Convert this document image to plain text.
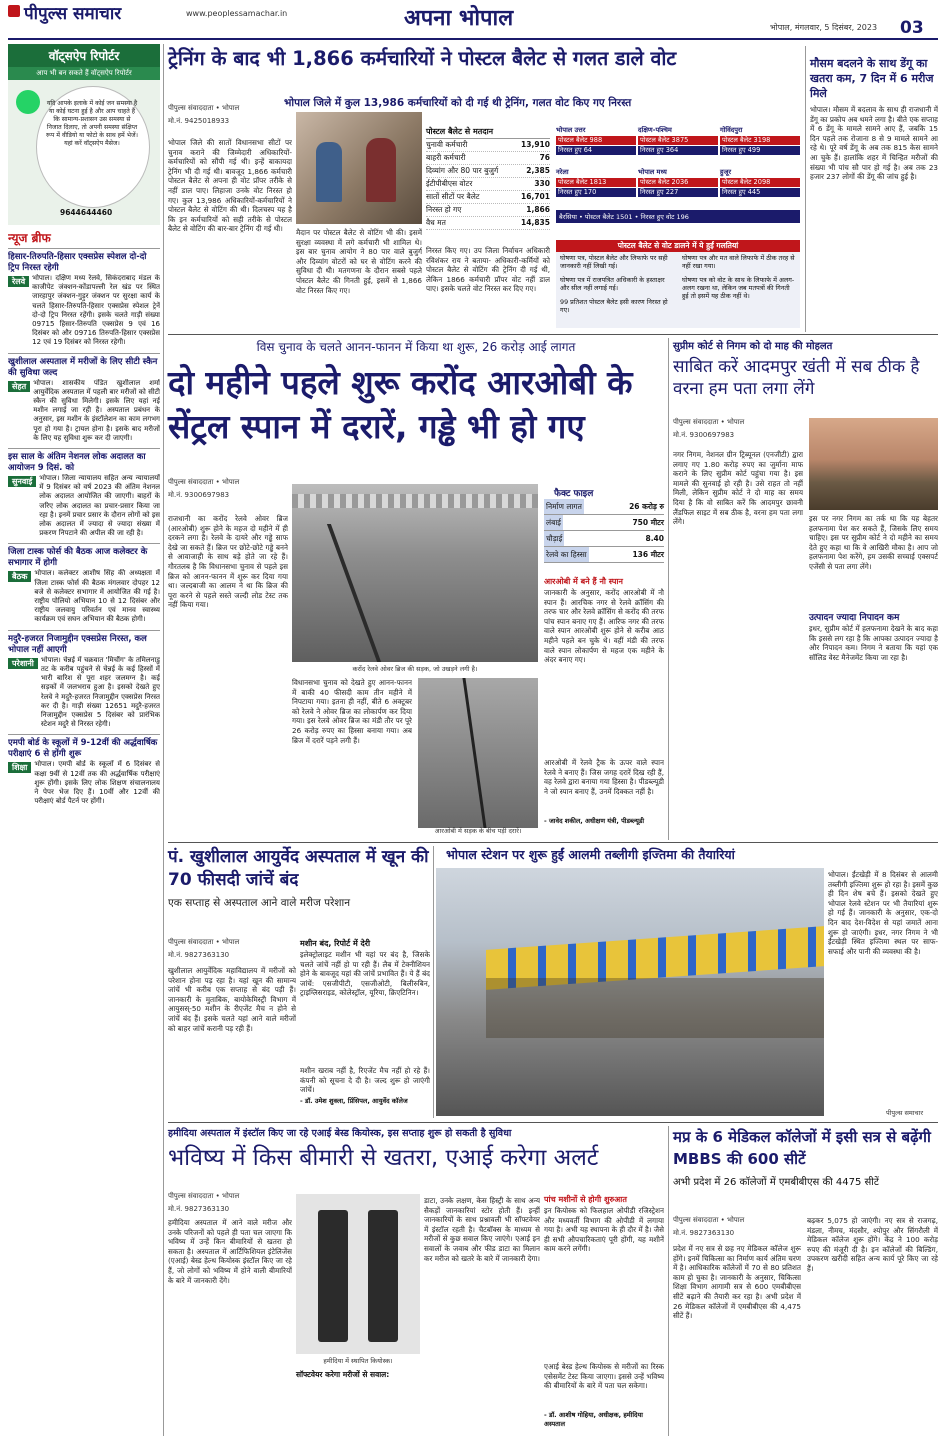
पीपुल्स समाचार	www.peoplessamachar.in	अपना भोपाल	भोपाल, मंगलवार, 5 दिसंबर, 2023 03
वॉट्सऐप रिपोर्टर
आप भी बन सकते हैं वॉट्सऐप रिपोर्टर
यदि आपके इलाके में कोई जन समस्या है या कोई घटना हुई है और आप चाहते हैं कि सामान्य-प्रशासन उस समस्या से निजात दिलाए, तो अपनी समस्या संक्षिप्त रूप में वीडियो या फोटो के साथ हमें भेजें। यहां करें वॉट्सऐप मैसेज।
9644644460
न्यूज ब्रीफ
हिसार-तिरुपति-हिसार एक्सप्रेस स्पेशल दो-दो ट्रिप निरस्त रहेगी
रेलवे	भोपाल। दक्षिण मध्य रेलवे, सिकंदराबाद मंडल के काजीपेट जंक्शन-कोंडापल्ली रेल खंड पर स्थित जारहापुर जंक्शन-गुड़ुर जंक्शन पर सुरक्षा कार्य के चलते हिसार-तिरुपति-हिसार एक्सप्रेस स्पेशल ट्रेनें दो-दो ट्रिप निरस्त रहेंगी। इसके चलते गाड़ी संख्या 09715 हिसार-तिरुपति एक्सप्रेस 9 एवं 16 दिसंबर को और 09716 तिरुपति-हिसार एक्सप्रेस 12 एवं 19 दिसंबर को निरस्त रहेगी।
खुशीलाल अस्पताल में मरीजों के लिए सीटी स्कैन की सुविधा जल्द
सेहत	भोपाल। शासकीय पंडित खुशीलाल शर्मा आयुर्वेदिक अस्पताल में पहली बार मरीजों को सीटी स्कैन की सुविधा मिलेगी। इसके लिए यहां नई मशीन लगाई जा रही है। अस्पताल प्रबंधन के अनुसार, इस मशीन के इंस्टॉलेशन का काम लगभग पूरा हो गया है। ट्रायल होना है। इसके बाद मरीजों के लिए यह सुविधा शुरू कर दी जाएगी।
इस साल के अंतिम नेशनल लोक अदालत का आयोजन 9 दिसं. को
सुनवाई	भोपाल। जिला न्यायालय सहित अन्य न्यायालयों में 9 दिसंबर को वर्ष 2023 की अंतिम नेशनल लोक अदालत आयोजित की जाएगी। बाहरों के जरिए लोक अदालत का प्रचार-प्रसार किया जा रहा है। इनमें प्रचार प्रसार के दौरान लोगों को इस लोक अदालत में ज्यादा से ज्यादा संख्या में प्रकरण निपटाने की अपील की जा रही है।
जिला टास्क फोर्स की बैठक आज कलेक्टर के सभागार में होगी
बैठक	भोपाल। कलेक्टर आशीष सिंह की अध्यक्षता में जिला टास्क फोर्स की बैठक मंगलवार दोपहर 12 बजे से कलेक्टर सभागार में आयोजित की गई है। राष्ट्रीय पोलियो अभियान 10 से 12 दिसंबर और राष्ट्रीय जलवायु परिवर्तन एवं मानव स्वास्थ्य कार्यक्रम एवं सघन अभियान की बैठक होगी।
मदुरै-हजरत निजामुद्दीन एक्सप्रेस निरस्त, कल भोपाल नहीं आएगी
परेशानी	भोपाल। चेन्नई में चक्रवात 'मिचौंग' के तमिलनाडु तट के करीब पहुंचने से चेन्नई के कई हिस्सों में भारी बारिश से पूरा शहर जलमग्न है। कई सड़कों में जलभराव हुआ है। इसको देखते हुए रेलवे ने मदुरै-हजरत निजामुद्दीन एक्सप्रेस निरस्त कर दी है। गाड़ी संख्या 12651 मदुरै-हजरत निजामुद्दीन एक्सप्रेस 5 दिसंबर को प्रारंभिक स्टेशन मदुरै से निरस्त रहेगी।
एमपी बोर्ड के स्कूलों में 9-12वीं की अर्द्धवार्षिक परीक्षाएं 6 से होंगी शुरू
शिक्षा	भोपाल। एमपी बोर्ड के स्कूलों में 6 दिसंबर से कक्षा 9वीं से 12वीं तक की अर्द्धवार्षिक परीक्षाएं शुरू होंगी। इसके लिए लोक शिक्षण संचालनालय ने पेपर भेज दिए हैं। 10वीं और 12वीं की परीक्षाएं बोर्ड पैटर्न पर होंगी।
ट्रेनिंग के बाद भी 1,866 कर्मचारियों ने पोस्टल बैलेट से गलत डाले वोट
पीपुल्स संवाददाता • भोपाल
मो.नं. 9425018933
भोपाल जिले में कुल 13,986 कर्मचारियों को दी गई थी ट्रेनिंग, गलत वोट किए गए निरस्त
भोपाल जिले की सातों विधानसभा सीटों पर चुनाव कराने की जिम्मेदारी अधिकारियों-कर्मचारियों को सौंपी गई थी। इन्हें बाकायदा ट्रेनिंग भी दी गई थी। बावजूद 1,866 कर्मचारी पोस्टल बैलेट से अपना ही वोट प्रॉपर तरीके से नहीं डाल पाए। लिहाजा उनके वोट निरस्त हो गए। कुल 13,986 अधिकारियों-कर्मचारियों ने पोस्टल बैलेट से वोटिंग की थी। दिलचस्प यह है कि इन कर्मचारियों को सही तरीके से पोस्टल बैलेट से वोटिंग की बार-बार ट्रेनिंग दी गई थी।	मैदान पर पोस्टल बैलेट से वोटिंग भी की। इसमें सुरक्षा व्यवस्था में लगे कर्मचारी भी शामिल थे। इस बार चुनाव आयोग ने 80 पार वाले बुजुर्ग और दिव्यांग वोटरों को घर से वोटिंग करने की सुविधा दी थी। मतगणना के दौरान सबसे पहले पोस्टल बैलेट की गिनती हुई, इसमें से 1,866 वोट निरस्त किए गए।
पोस्टल बैलेट से मतदान
चुनावी कर्मचारी	13,910
बाहरी कर्मचारी	76
दिव्यांग और 80 पार बुजुर्ग	2,385
ईटीपीबीएस वोटर	330
सातों सीटों पर बैलेट	16,701
निरस्त हो गए	1,866
वैध मत	14,835
भोपाल उत्तर
पोस्टल बैलेट 988
निरस्त हुए 64
दक्षिण-पश्चिम
पोस्टल बैलेट 3875
निरस्त हुए 364
गोविंदपुरा
पोस्टल बैलेट 3198
निरस्त हुए 499
नरेला
पोस्टल बैलेट 1813
निरस्त हुए 170
भोपाल मध्य
पोस्टल बैलेट 2036
निरस्त हुए 227
हुजूर
पोस्टल बैलेट 2098
निरस्त हुए 445
बैरसिया • पोस्टल बैलेट 1501 • निरस्त हुए वोट 196
निरस्त किए गए। उप जिला निर्वाचन अधिकारी रविशंकर राय ने बताया- अधिकारी-कर्मियों को पोस्टल बैलेट से वोटिंग की ट्रेनिंग दी गई थी, लेकिन 1866 कर्मचारी प्रॉपर वोट नहीं डाल पाए। इसके चलते वोट निरस्त कर दिए गए।
पोस्टल बैलेट से वोट डालने में ये हुईं गलतियां
घोषणा पत्र, पोस्टल बैलेट और लिफाफे पर सही जानकारी नहीं लिखी गई।
घोषणा पत्र में राजपत्रित अधिकारी के हस्ताक्षर और सील नहीं लगाई गई।
99 प्रतिशत पोस्टल बैलेट इसी कारण निरस्त हो गए।
घोषणा पत्र और मत वाले लिफाफे में ठीक तरह से नहीं रखा गया।
घोषणा पत्र को वोट के साथ के लिफाफे में अलग-अलग रखना था, लेकिन जब मतपत्रों की गिनती हुई तो इसमें यह ठीक नहीं थे।
मौसम बदलने के साथ डेंगू का खतरा कम, 7 दिन में 6 मरीज मिले
भोपाल। मौसम में बदलाव के साथ ही राजधानी में डेंगू का प्रकोप अब थमने लगा है। बीते एक सप्ताह में 6 डेंगू के मामले सामने आए हैं, जबकि 15 दिन पहले तक रोजाना 8 से 9 मामले सामने आ रहे थे। पूरे वर्ष डेंगू के अब तक 815 केस सामने आ चुके हैं। हालांकि शहर में चिन्हित मरीजों की संख्या भी पांच सौ पार हो गई है। अब तक 23 हजार 237 लोगों की डेंगू की जांच हुई है।
विस चुनाव के चलते आनन-फानन में किया था शुरू, 26 करोड़ आई लागत
दो महीने पहले शुरू करोंद आरओबी के सेंट्रल स्पान में दरारें, गड्ढे भी हो गए
पीपुल्स संवाददाता • भोपाल
मो.नं. 9300697983
राजधानी का करोंद रेलवे ओवर ब्रिज (आरओबी) शुरू होने के महज दो महीने में ही दरकने लगा है। रेलवे के दायरे और गड्ढे साफ देखे जा सकते हैं। ब्रिज पर छोटे-छोटे गड्ढे बनने से आवाजाही के साथ बड़े होते जा रहे हैं। गौरतलब है कि विधानसभा चुनाव से पहले इस ब्रिज को आनन-फानन में शुरू कर दिया गया था। जल्दबाजी का आलम ने था कि ब्रिज की पूरा करने से पहले सस्ते जल्दी लोड टेस्ट तक नहीं किया गया।
करोंद रेलवे ओवर ब्रिज की सड़क, जो उखड़ने लगी है।
विधानसभा चुनाव को देखते हुए आनन-फानन में बाकी 40 फीसदी काम तीन महीने में निपटाया गया। इतना ही नहीं, बीते 6 अक्टूबर को रेलवे ने ओवर ब्रिज का लोकार्पण कर दिया गया। इस रेलवे ओवर ब्रिज का मंडी तौर पर पूरे 26 करोड़ रुपए का हिस्सा बनाया गया। अब ब्रिज में दरारें पड़ने लगी हैं।
आरओबी में सड़क के बीच पड़ी दरारें।
फैक्ट फाइल
निर्माण लागत	26 करोड़ रु
लंबाई	750 मीटर
चौड़ाई	8.40
रेलवे का हिस्सा	136 मीटर
आरओबी में बने हैं नौ स्पान
जानकारी के अनुसार, करोंद आरओबी में नौ स्पान हैं। आरचिक नगर से रेलवे क्रॉसिंग की तरफ चार और रेलवे क्रॉसिंग से करोंद की तरफ पांच स्पान बनाए गए हैं। आरिफ नगर की तरफ वाले स्पान आरओबी शुरू होने से करीब आठ महीने पहले बन चुके थे। वहीं मंडी की तरफ वाले स्पान लोकार्पण से महज एक महीने के अंदर बनाए गए।
आरओबी में रेलवे ट्रैक के ऊपर वाले स्पान रेलवे ने बनाए हैं। जिस जगह दरारें दिख रही हैं, वह रेलवे द्वारा बनाया गया हिस्सा है। पीडब्ल्यूडी ने जो स्पान बनाए हैं, उनमें दिक्कत नहीं है।
- जावेद शकील, अधीक्षण यंत्री, पीडब्ल्यूडी
सुप्रीम कोर्ट से निगम को दो माह की मोहलत
साबित करें आदमपुर खंती में सब ठीक है वरना हम पता लगा लेंगे
पीपुल्स संवाददाता • भोपाल
मो.नं. 9300697983
नगर निगम, नेशनल ग्रीन ट्रिब्यूनल (एनजीटी) द्वारा लगाए गए 1.80 करोड़ रुपए का जुर्माना माफ कराने के लिए सुप्रीम कोर्ट पहुंचा गया है। इस मामले की सुनवाई हो रही है। उसे राहत तो नहीं मिली, लेकिन सुप्रीम कोर्ट ने दो माह का समय दिया है कि वो साबित करें कि आदमपुर छावनी लैंडफिल साइट में सब ठीक है, वरना हम पता लगा लेंगे।	इस पर नगर निगम का तर्क था कि यह बेहतर हलफनामा पेश कर सकते हैं, जिसके लिए समय चाहिए। इस पर सुप्रीम कोर्ट ने दो महीने का समय देते हुए कहा था कि वे आखिरी मौका है। आप जो हलफनामा पेश करेंगे, हम उसकी सच्चाई एक्सपर्ट एजेंसी से पता लगा लेंगे।
उत्पादन ज्यादा निपादन कम
इधर, सुप्रीम कोर्ट में हलफनामा देखने के बाद कहा कि इससे लग रहा है कि आपका उत्पादन ज्यादा है और निपादन कम। निगम ने बताया कि यहां एक सॉलिड वेस्ट मैनेजमेंट किया जा रहा है।
पं. खुशीलाल आयुर्वेद अस्पताल में खून की 70 फीसदी जांचें बंद
एक सप्ताह से अस्पताल आने वाले मरीज परेशान
पीपुल्स संवाददाता • भोपाल
मो.नं. 9827363130
खुशीलाल आयुर्वेदिक महाविद्यालय में मरीजों को परेशान होना पड़ रहा है। यहां खून की सामान्य जांचें भी करीब एक सप्ताह से बंद पड़ी हैं। जानकारी के मुताबिक, बायोकेमिस्ट्री विभाग में आयुसस्-50 मशीन के रीएजेंट मैच न होने से जांचें बंद हैं। इसके चलते यहां आने वाले मरीजों को बाहर जांचें करानी पड़ रही हैं।
मशीन बंद, रिपोर्ट में देरी
इलेक्ट्रोलाइट मशीन भी यहां पर बंद है, जिसके चलते जांचें नहीं हो पा रही हैं। लैब में टेक्नीशियन होने के बावजूद यहां की जांचें प्रभावित हैं। ये हैं बंद जांचें: एसजीपीटी, एसजीओटी, बिलीरुबिन, ट्राइग्लिसराइड, कोलेस्ट्रॉल, यूरिया, क्रिएटिनिन।
मशीन खराब नहीं है, रिएजेंट मैच नहीं हो रहे हैं। कंपनी को सूचना दे दी है। जल्द शुरू हो जाएंगी जांचें।
- डॉ. उमेश शुक्ला, प्रिंसिपल, आयुर्वेद कॉलेज
भोपाल स्टेशन पर शुरू हुईं आलमी तब्लीगी इज्तिमा की तैयारियां
भोपाल। ईंटखेड़ी में 8 दिसंबर से आलमी तब्लीगी इज्तिमा शुरू हो रहा है। इसमें कुछ ही दिन शेष बचे हैं। इसको देखते हुए भोपाल रेलवे स्टेशन पर भी तैयारियां शुरू हो गई हैं। जानकारी के अनुसार, एक-दो दिन बाद देश-विदेश से यहां जमातें आना शुरू हो जाएंगी। इधर, नगर निगम ने भी ईंटखेड़ी स्थित इज्तिमा स्थल पर साफ-सफाई और पानी की व्यवस्था की है।
पीपुल्स समाचार
हमीदिया अस्पताल में इंस्टॉल किए जा रहे एआई बेस्ड कियोस्क, इस सप्ताह शुरू हो सकती है सुविधा
भविष्य में किस बीमारी से खतरा, एआई करेगा अलर्ट
पीपुल्स संवाददाता • भोपाल
मो.नं. 9827363130
हमीदिया अस्पताल में आने वाले मरीज और उनके परिजनों को पहले ही पता चल जाएगा कि भविष्य में उन्हें किन बीमारियों से खतरा हो सकता है। अस्पताल में आर्टिफिशियल इंटेलिजेंस (एआई) बेस्ड हेल्थ कियोस्क इंस्टॉल किए जा रहे हैं, जो लोगों को भविष्य में होने वाली बीमारियों के बारे में जानकारी देंगे।
हमीदिया में स्थापित कियोस्क।
सॉफ्टवेयर करेगा मरीजों से सवाल:
डाटा, उनके लक्षण, केस हिस्ट्री के साथ अन्य सैकड़ों जानकारियां स्टोर होती हैं। इन्हीं जानकारियों के साथ प्रश्नावली भी सॉफ्टवेयर में इंस्टॉल रहती है। चैटबॉक्स के माध्यम से मरीजों से कुछ सवाल किए जाएंगे। एआई इन सवालों के जवाब और फीड डाटा का मिलान कर मरीज को खतरे के बारे में जानकारी देगा।
पांच मशीनों से होगी शुरुआत
इन कियोस्क को फिलहाल ओपीडी रजिस्ट्रेशन और मध्यवर्ती विभाग की ओपीडी में लगाया गया है। अभी यह स्थापना के ही दौर में है। जैसे ही सभी औपचारिकताएं पूरी होंगी, यह मशीनें काम करने लगेंगी।
एआई बेस्ड हेल्थ कियोस्क से मरीजों का रिस्क एसेसमेंट टेस्ट किया जाएगा। इससे उन्हें भविष्य की बीमारियों के बारे में पता चल सकेगा।
- डॉ. आशीष गोहिया, अधीक्षक, हमीदिया अस्पताल
मप्र के 6 मेडिकल कॉलेजों में इसी सत्र से बढ़ेंगी MBBS की 600 सीटें
अभी प्रदेश में 26 कॉलेजों में एमबीबीएस की 4475 सीटें
पीपुल्स संवाददाता • भोपाल
मो.नं. 9827363130
प्रदेश में नए सत्र से छह नए मेडिकल कॉलेज शुरू होंगे। इनमें चिकित्सा का निर्माण कार्य अंतिम चरण में है। आधिकारिक कॉलेजों में 70 से 80 प्रतिशत काम हो चुका है। जानकारी के अनुसार, चिकित्सा शिक्षा विभाग आगामी सत्र से 600 एमबीबीएस सीटें बढ़ाने की तैयारी कर रहा है। अभी प्रदेश में 26 मेडिकल कॉलेजों में एमबीबीएस की 4,475 सीटें हैं।
बढ़कर 5,075 हो जाएंगी। नए सत्र से राजगढ़, मंडला, नीमच, मंदसौर, श्योपुर और सिंगरौली में मेडिकल कॉलेज शुरू होंगे। केंद्र ने 100 करोड़ रुपए की मंजूरी दी है। इन कॉलेजों की बिल्डिंग, उपकरण खरीदी सहित अन्य कार्य पूरे किए जा रहे हैं।
